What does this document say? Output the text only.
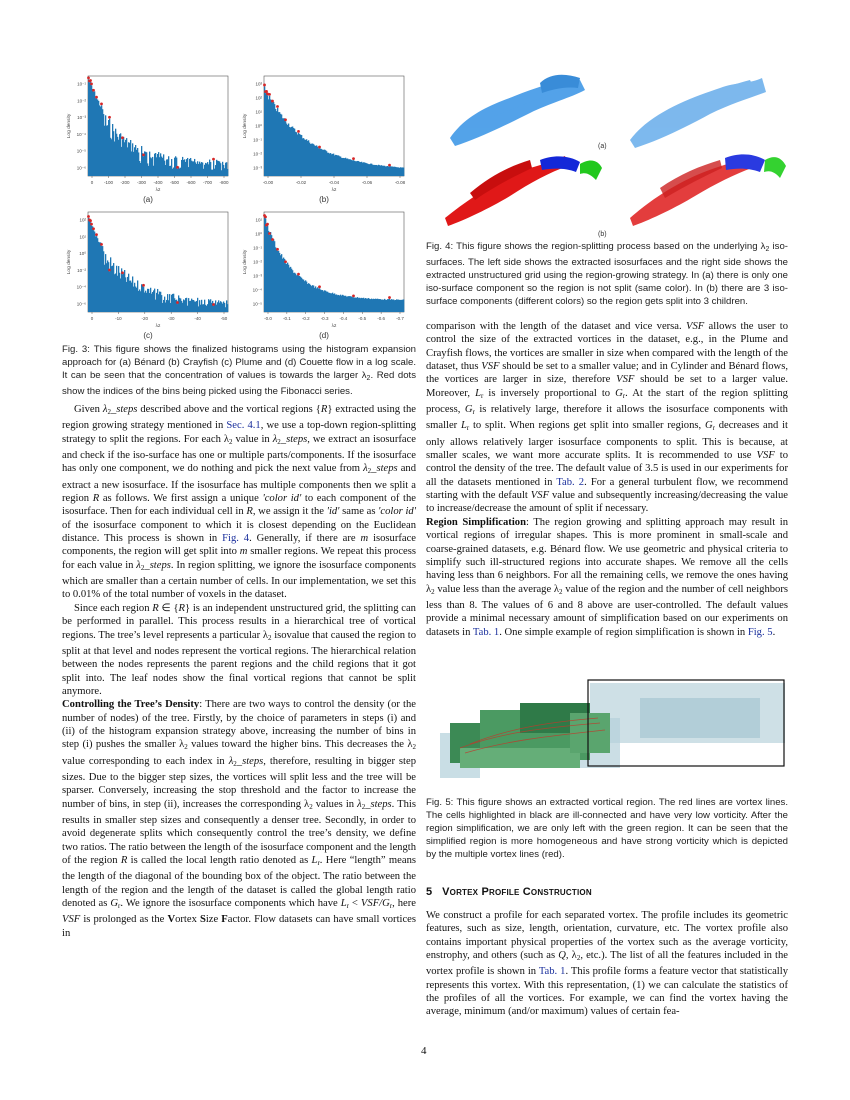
0 -100 -200 -300 -400 -500 -600 -700 -800
10⁻¹
10⁻²
10⁻³
10⁻⁴
10⁻⁵
10⁻⁶
λ2
Log density
(a)
-0.00	-0.02	-0.04	-0.06	-0.08
10³
10²
10¹
10⁰
10⁻¹
10⁻²
10⁻³
λ2
Log density
(b)
0	-10	-20	-30	-40	-50
10²
10¹
10⁰
10⁻²
10⁻⁴
10⁻⁶
λ2
Log density
(c)
-0.0 -0.1 -0.2 -0.3 -0.4 -0.5 -0.6 -0.7
10¹
10⁰
10⁻¹
10⁻²
10⁻³
10⁻⁴
10⁻⁵
λ2
Log density
(d)
Fig. 3: This figure shows the finalized histograms using the histogram expansion approach for (a) Bénard (b) Crayfish (c) Plume and (d) Couette flow in a log scale. It can be seen that the concentration of values is towards the larger $\lambda_2$. Red dots show the indices of the bins being picked using the Fibonacci series.

Given $\lambda_2\_steps$ described above and the vortical regions {R} extracted using the region growing strategy mentioned in Sec. 4.1, we use a top-down region-splitting strategy to split the regions. For each $\lambda_2$ value in $\lambda_2\_steps$, we extract an isosurface and check if the iso-surface has one or multiple parts/components. If the isosurface has only one component, we do nothing and pick the next value from $\lambda_2\_steps$ and extract a new isosurface. If the isosurface has multiple components then we split a region R as follows. We first assign a unique 'color id' to each component of the isosurface. Then for each individual cell in R, we assign it the 'id' same as 'color id' of the isosurface component to which it is closest depending on the Euclidean distance. This process is shown in Fig. 4. Generally, if there are m isosurface components, the region will get split into m smaller regions. We repeat this process for each value in $\lambda_2\_steps$. In region splitting, we ignore the isosurface components which are smaller than a certain number of cells. In our implementation, we set this to 0.01% of the total number of voxels in the dataset.

Since each region R ∈ {R} is an independent unstructured grid, the splitting can be performed in parallel. This process results in a hierarchical tree of vortical regions. The tree’s level represents a particular $\lambda_2$ isovalue that caused the region to split at that level and nodes represent the vortical regions. The hierarchical relation between the nodes represents the parent regions and the child regions that it got split into. The leaf nodes show the final vortical regions that cannot be split anymore.

Controlling the Tree’s Density: There are two ways to control the density (or the number of nodes) of the tree. Firstly, by the choice of parameters in steps (i) and (ii) of the histogram expansion strategy above, increasing the number of bins in step (i) pushes the smaller $\lambda_2$ values toward the higher bins. This decreases the $\lambda_2$ value corresponding to each index in $\lambda_2\_steps$, therefore, resulting in bigger step sizes. Due to the bigger step sizes, the vortices will split less and the tree will be sparser. Conversely, increasing the stop threshold and the factor to increase the number of bins, in step (ii), increases the corresponding $\lambda_2$ values in $\lambda_2\_steps$. This results in smaller step sizes and consequently a denser tree. Secondly, in order to avoid degenerate splits which consequently control the tree’s density, we define two ratios. The ratio between the length of the isosurface component and the length of the region R is called the local length ratio denoted as $L_r$. Here “length” means the length of the diagonal of the bounding box of the object. The ratio between the length of the region and the length of the dataset is called the global length ratio denoted as $G_r$. We ignore the isosurface components which have $L_r < VSF/G_r$, here VSF is prolonged as the Vortex Size Factor. Flow datasets can have small vortices in

(a)
(b)
Fig. 4: This figure shows the region-splitting process based on the underlying $\lambda_2$ iso-surfaces. The left side shows the extracted isosurfaces and the right side shows the extracted unstructured grid using the region-growing strategy. In (a) there is only one iso-surface component so the region is not split (same color). In (b) there are 3 iso-surface components (different colors) so the region gets split into 3 children.

comparison with the length of the dataset and vice versa. VSF allows the user to control the size of the extracted vortices in the dataset, e.g., in the Plume and Crayfish flows, the vortices are smaller in size when compared with the length of the dataset, thus VSF should be set to a smaller value; and in Cylinder and Bénard flows, the vortices are larger in size, therefore VSF should be set to a larger value. Moreover, $L_r$ is inversely proportional to $G_r$. At the start of the region splitting process, $G_r$ is relatively large, therefore it allows the isosurface components with smaller $L_r$ to split. When regions get split into smaller regions, $G_r$ decreases and it only allows relatively larger isosurface components to split. This is because, at smaller scales, we want more accurate splits. It is recommended to use VSF to control the density of the tree. The default value of 3.5 is used in our experiments for all the datasets mentioned in Tab. 2. For a general turbulent flow, we recommend starting with the default VSF value and subsequently increasing/decreasing the value to increase/decrease the amount of split if necessary.

Region Simplification: The region growing and splitting approach may result in vortical regions of irregular shapes. This is more prominent in small-scale and coarse-grained datasets, e.g. Bénard flow. We use geometric and physical criteria to simplify such ill-structured regions into accurate shapes. We remove all the cells having less than 6 neighbors. For all the remaining cells, we remove the ones having $\lambda_2$ value less than the average $\lambda_2$ value of the region and the number of cell neighbors less than 8. The values of 6 and 8 above are user-controlled. The default values provide a minimal necessary amount of simplification based on our experiments on datasets in Tab. 1. One simple example of region simplification is shown in Fig. 5.

Fig. 5: This figure shows an extracted vortical region. The red lines are vortex lines. The cells highlighted in black are ill-connected and have very low vorticity. After the region simplification, we are only left with the green region. It can be seen that the simplified region is more homogeneous and have strong vorticity which is depicted by the multiple vortex lines (red).
5 Vortex Profile Construction

We construct a profile for each separated vortex. The profile includes its geometric features, such as size, length, orientation, curvature, etc. The vortex profile also contains important physical properties of the vortex such as the average vorticity, enstrophy, and others (such as Q, $\lambda_2$, etc.). The list of all the features included in the vortex profile is shown in Tab. 1. This profile forms a feature vector that statistically represents this vortex. With this representation, (1) we can calculate the statistics of the profiles of all the vortices. For example, we can find the vortex having the average, minimum (and/or maximum) values of certain fea-

4
